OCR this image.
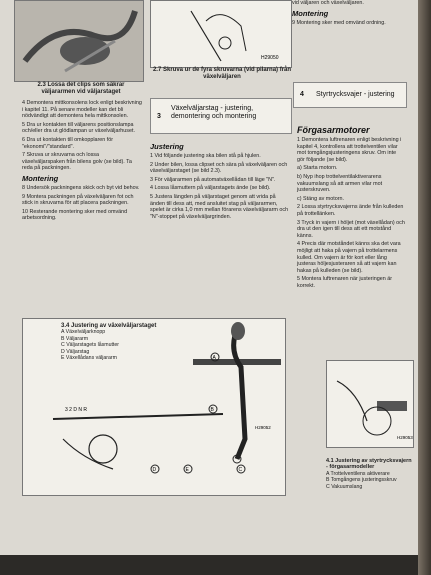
2.3 Lossa det clips som säkrar väljararmen vid väljarstaget
H29050
2.7 Skruva ur de fyra skruvarna (vid pilarna) från växelväljaren

vid väljaren och växelväljaren.

Montering

9 Montering sker med omvänd ordning.

4 Demontera mittkonsolens lock enligt beskrivning i kapitel 11. På senare modeller kan det bli nödvändigt att demontera hela mittkonsolen.

5 Dra ur kontakten till väljarens positionslampa och/eller dra ut glödlampan ur växelväljarhuset.

6 Dra ut kontakten till omkopplaren för "ekonomi"/"standard".

7 Skruva ur skruvarna och lossa växelväljarspaken från bilens golv (se bild). Ta reda på packningen.

Montering

8 Undersök packningens skick och byt vid behov.

9 Montera packningen på växelväljaren fot och stick in skruvarna för att placera packningen.

10 Resterande montering sker med omvänd arbetsordning.

3
Växelväljarstag - justering, demontering och montering
Justering

1 Vid följande justering ska bilen stå på hjulen.

2 Under bilen, lossa clipset och sära på växelväljaren och växelväljarstaget (se bild 2.3).

3 För väljararmen på automatväxellådan till läge "N".

4 Lossa låsmuttern på väljarstagets ände (se bild).

5 Justera längden på väljarstaget genom att vrida på änden till dess att, med ansluitet stag på väljararmen, spelet är cirka 1,0 mm mellan förarens växelväljararm och "N"-stoppet på växelväljargrinden.

4 Styrtrycksvajer - justering
Förgasarmotorer

1 Demontera luftrenaren enligt beskrivning i kapitel 4, kontrollera att trottelventilen vilar mot tomgångsjusteringens skruv. Om inte gör följande (se bild).

a) Starta motorn.

b) Nyp ihop trottelventilaktiverarens vakuumslang så att armen vilar mot justerskruven.

c) Stäng av motorn.

2 Lossa styrtrycksvajerns ände från kulleden på trottellänken.

3 Tryck in vajern i höljet (mot växellådan) och dra ut den igen till dess att ett motstånd känns.

4 Precis där motståndet känns ska det vara möjligt att haka på vajern på trottelarmens kulled. Om vajern är för kort eller lång justeras höljesjusteraren så att vajern kan hakas på kulleden (se bild).

5 Montera luftrenaren när justeringen är korrekt.

3.4 Justering av växelväljarstaget
A Växelväljarknopp
B Väljararm
C Väljarstagets låsmutter
D Väljarstag
E Växellådans väljararm	A
B
C
D	E
3 2 D N R
H29052
H29053
4.1 Justering av styrtrycksvajern - förgasarmodeller
A Trottelventilens aktiverare
B Tomgångens justeringsskruv
C Vakuumslang
